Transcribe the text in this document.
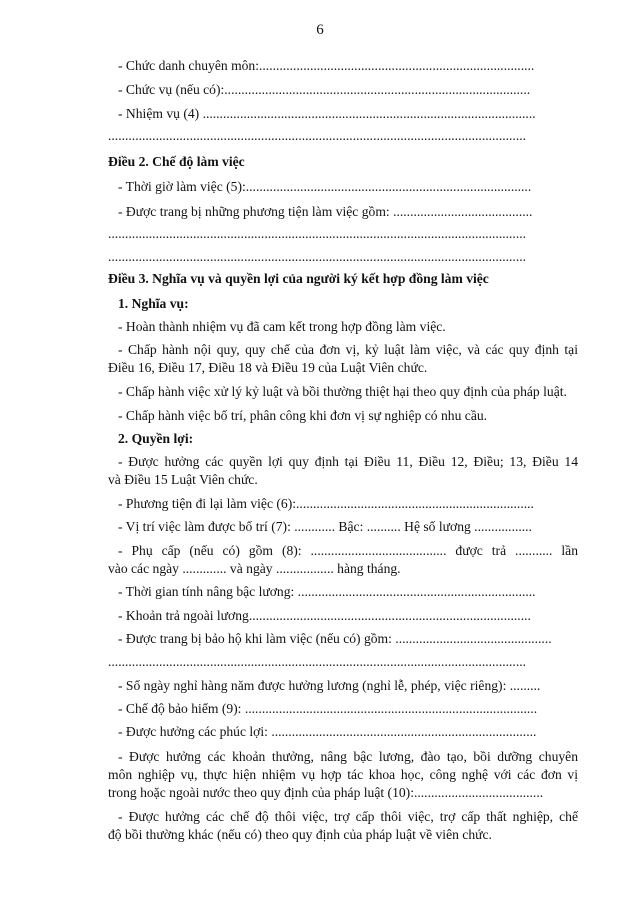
6
- Chức danh chuyên môn:.................................................................................
- Chức vụ (nếu có):..........................................................................................
- Nhiệm vụ (4) ..................................................................................................
...........................................................................................................................
Điều 2. Chế độ làm việc
- Thời giờ làm việc (5):....................................................................................
- Được trang bị những phương tiện làm việc gồm: .........................................
...........................................................................................................................
...........................................................................................................................
Điều 3. Nghĩa vụ và quyền lợi của người ký kết hợp đồng làm việc
1. Nghĩa vụ:
- Hoàn thành nhiệm vụ đã cam kết trong hợp đồng làm việc.
- Chấp hành nội quy, quy chế của đơn vị, kỷ luật làm việc, và các quy định tại
Điều 16, Điều 17, Điều 18 và Điều 19 của Luật Viên chức.
- Chấp hành việc xử lý kỷ luật và bồi thường thiệt hại theo quy định của pháp luật.
- Chấp hành việc bố trí, phân công khi đơn vị sự nghiệp có nhu cầu.
2. Quyền lợi:
- Được hưởng các quyền lợi quy định tại Điều 11, Điều 12, Điều; 13, Điều 14
và Điều 15 Luật Viên chức.
- Phương tiện đi lại làm việc (6):......................................................................
- Vị trí việc làm được bố trí (7): ............ Bậc: .......... Hệ số lương .................
- Phụ cấp (nếu có) gồm (8): ........................................ được trả ........... lần
vào các ngày ............. và ngày ................. hàng tháng.
- Thời gian tính nâng bậc lương: ......................................................................
- Khoản trả ngoài lương...................................................................................
- Được trang bị bảo hộ khi làm việc (nếu có) gồm: ..............................................
...........................................................................................................................
- Số ngày nghỉ hàng năm được hưởng lương (nghỉ lễ, phép, việc riêng): .........
- Chế độ bảo hiểm (9): ......................................................................................
- Được hưởng các phúc lợi: ..............................................................................
- Được hưởng các khoản thưởng, nâng bậc lương, đào tạo, bồi dưỡng chuyên
môn nghiệp vụ, thực hiện nhiệm vụ hợp tác khoa học, công nghệ với các đơn vị
trong hoặc ngoài nước theo quy định của pháp luật (10):......................................
- Được hưởng các chế độ thôi việc, trợ cấp thôi việc, trợ cấp thất nghiệp, chế
độ bồi thường khác (nếu có) theo quy định của pháp luật về viên chức.
